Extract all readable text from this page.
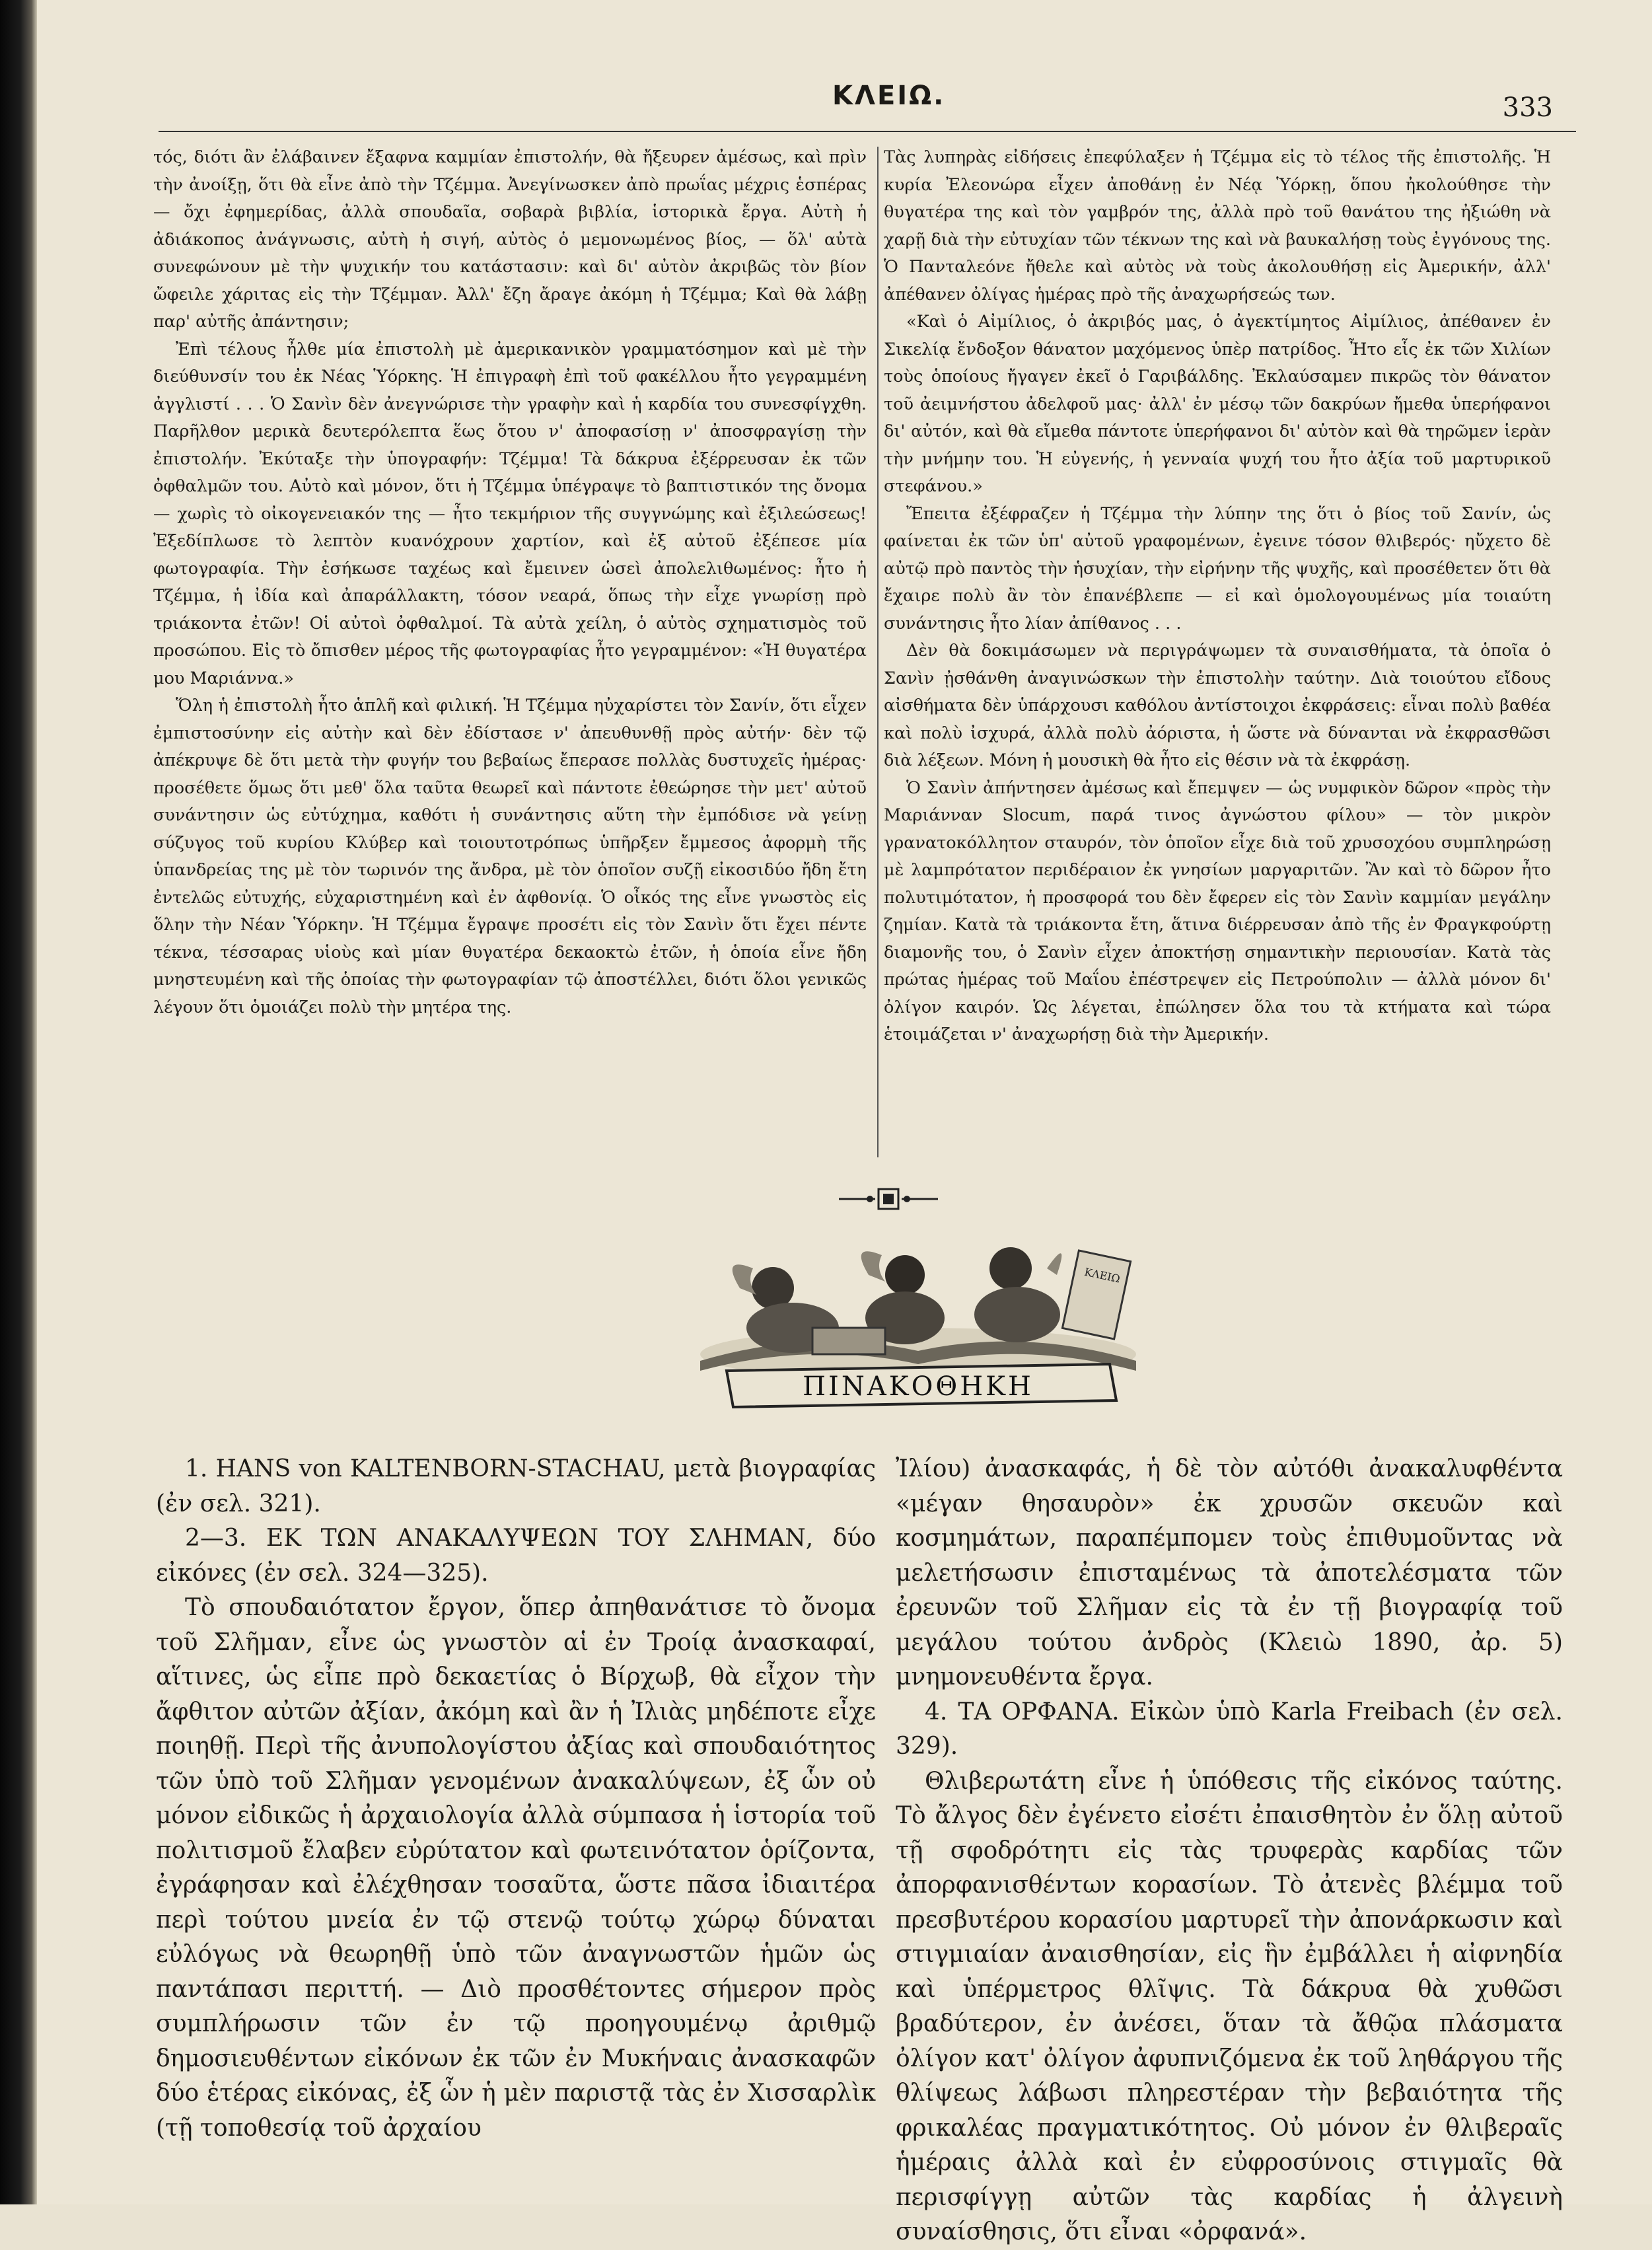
ΚΛΕΙΩ.	333

τός, διότι ἂν ἐλάβαινεν ἔξαφνα καμμίαν ἐπιστολήν, θὰ ἤξευρεν ἀμέσως, καὶ πρὶν τὴν ἀνοίξῃ, ὅτι θὰ εἶνε ἀπὸ τὴν Τζέμμα. Ἀνεγίνωσκεν ἀπὸ πρωΐας μέχρις ἑσπέρας — ὄχι ἐφημερίδας, ἀλλὰ σπουδαῖα, σοβαρὰ βιβλία, ἱστορικὰ ἔργα. Αὐτὴ ἡ ἀδιάκοπος ἀνάγνωσις, αὐτὴ ἡ σιγή, αὐτὸς ὁ μεμονωμένος βίος, — ὅλ' αὐτὰ συνεφώνουν μὲ τὴν ψυχικήν του κατάστασιν: καὶ δι' αὐτὸν ἀκριβῶς τὸν βίον ὤφειλε χάριτας εἰς τὴν Τζέμμαν. Ἀλλ' ἔζη ἄραγε ἀκόμη ἡ Τζέμμα; Καὶ θὰ λάβῃ παρ' αὐτῆς ἀπάντησιν;

Ἐπὶ τέλους ἦλθε μία ἐπιστολὴ μὲ ἀμερικανικὸν γραμματόσημον καὶ μὲ τὴν διεύθυνσίν του ἐκ Νέας Ὑόρκης. Ἡ ἐπιγραφὴ ἐπὶ τοῦ φακέλλου ἦτο γεγραμμένη ἀγγλιστί . . . Ὁ Σανὶν δὲν ἀνεγνώρισε τὴν γραφὴν καὶ ἡ καρδία του συνεσφίγχθη. Παρῆλθον μερικὰ δευτερόλεπτα ἕως ὅτου ν' ἀποφασίσῃ ν' ἀποσφραγίσῃ τὴν ἐπιστολήν. Ἐκύταξε τὴν ὑπογραφήν: Τζέμμα! Τὰ δάκρυα ἐξέρρευσαν ἐκ τῶν ὀφθαλμῶν του. Αὐτὸ καὶ μόνον, ὅτι ἡ Τζέμμα ὑπέγραψε τὸ βαπτιστικόν της ὄνομα — χωρὶς τὸ οἰκογενειακόν της — ἦτο τεκμήριον τῆς συγγνώμης καὶ ἐξιλεώσεως! Ἐξεδίπλωσε τὸ λεπτὸν κυανόχρουν χαρτίον, καὶ ἐξ αὐτοῦ ἐξέπεσε μία φωτογραφία. Τὴν ἐσήκωσε ταχέως καὶ ἔμεινεν ὡσεὶ ἀπολελιθωμένος: ἦτο ἡ Τζέμμα, ἡ ἰδία καὶ ἀπαράλλακτη, τόσον νεαρά, ὅπως τὴν εἶχε γνωρίσῃ πρὸ τριάκοντα ἐτῶν! Οἱ αὐτοὶ ὀφθαλμοί. Τὰ αὐτὰ χείλη, ὁ αὐτὸς σχηματισμὸς τοῦ προσώπου. Εἰς τὸ ὄπισθεν μέρος τῆς φωτογραφίας ἦτο γεγραμμένον: «Ἡ θυγατέρα μου Μαριάννα.»

Ὅλη ἡ ἐπιστολὴ ἦτο ἁπλῆ καὶ φιλική. Ἡ Τζέμμα ηὐχαρίστει τὸν Σανίν, ὅτι εἶχεν ἐμπιστοσύνην εἰς αὐτὴν καὶ δὲν ἐδίστασε ν' ἀπευθυνθῇ πρὸς αὐτήν· δὲν τῷ ἀπέκρυψε δὲ ὅτι μετὰ τὴν φυγήν του βεβαίως ἔπερασε πολλὰς δυστυχεῖς ἡμέρας· προσέθετε ὅμως ὅτι μεθ' ὅλα ταῦτα θεωρεῖ καὶ πάντοτε ἐθεώρησε τὴν μετ' αὐτοῦ συνάντησιν ὡς εὐτύχημα, καθότι ἡ συνάντησις αὕτη τὴν ἐμπόδισε νὰ γείνῃ σύζυγος τοῦ κυρίου Κλύβερ καὶ τοιουτοτρόπως ὑπῆρξεν ἔμμεσος ἀφορμὴ τῆς ὑπανδρείας της μὲ τὸν τωρινόν της ἄνδρα, μὲ τὸν ὁποῖον συζῇ εἰκοσιδύο ἤδη ἔτη ἐντελῶς εὐτυχής, εὐχαριστημένη καὶ ἐν ἀφθονίᾳ. Ὁ οἶκός της εἶνε γνωστὸς εἰς ὅλην τὴν Νέαν Ὑόρκην. Ἡ Τζέμμα ἔγραψε προσέτι εἰς τὸν Σανὶν ὅτι ἔχει πέντε τέκνα, τέσσαρας υἱοὺς καὶ μίαν θυγατέρα δεκαοκτὼ ἐτῶν, ἡ ὁποία εἶνε ἤδη μνηστευμένη καὶ τῆς ὁποίας τὴν φωτογραφίαν τῷ ἀποστέλλει, διότι ὅλοι γενικῶς λέγουν ὅτι ὁμοιάζει πολὺ τὴν μητέρα της.

Τὰς λυπηρὰς εἰδήσεις ἐπεφύλαξεν ἡ Τζέμμα εἰς τὸ τέλος τῆς ἐπιστολῆς. Ἡ κυρία Ἐλεονώρα εἶχεν ἀποθάνῃ ἐν Νέᾳ Ὑόρκῃ, ὅπου ἠκολούθησε τὴν θυγατέρα της καὶ τὸν γαμβρόν της, ἀλλὰ πρὸ τοῦ θανάτου της ἠξιώθη νὰ χαρῇ διὰ τὴν εὐτυχίαν τῶν τέκνων της καὶ νὰ βαυκαλήσῃ τοὺς ἐγγόνους της. Ὁ Πανταλεόνε ἤθελε καὶ αὐτὸς νὰ τοὺς ἀκολουθήσῃ εἰς Ἀμερικήν, ἀλλ' ἀπέθανεν ὀλίγας ἡμέρας πρὸ τῆς ἀναχωρήσεώς των.

«Καὶ ὁ Αἰμίλιος, ὁ ἀκριβός μας, ὁ ἀγεκτίμητος Αἰμίλιος, ἀπέθανεν ἐν Σικελίᾳ ἔνδοξον θάνατον μαχόμενος ὑπὲρ πατρίδος. Ἦτο εἷς ἐκ τῶν Χιλίων τοὺς ὁποίους ἤγαγεν ἐκεῖ ὁ Γαριβάλδης. Ἐκλαύσαμεν πικρῶς τὸν θάνατον τοῦ ἀειμνήστου ἀδελφοῦ μας· ἀλλ' ἐν μέσῳ τῶν δακρύων ἤμεθα ὑπερήφανοι δι' αὐτόν, καὶ θὰ εἴμεθα πάντοτε ὑπερήφανοι δι' αὐτὸν καὶ θὰ τηρῶμεν ἱερὰν τὴν μνήμην του. Ἡ εὐγενής, ἡ γενναία ψυχή του ἦτο ἀξία τοῦ μαρτυρικοῦ στεφάνου.»

Ἔπειτα ἐξέφραζεν ἡ Τζέμμα τὴν λύπην της ὅτι ὁ βίος τοῦ Σανίν, ὡς φαίνεται ἐκ τῶν ὑπ' αὐτοῦ γραφομένων, ἐγεινε τόσον θλιβερός· ηὔχετο δὲ αὐτῷ πρὸ παντὸς τὴν ἡσυχίαν, τὴν εἰρήνην τῆς ψυχῆς, καὶ προσέθετεν ὅτι θὰ ἔχαιρε πολὺ ἂν τὸν ἐπανέβλεπε — εἰ καὶ ὁμολογουμένως μία τοιαύτη συνάντησις ἦτο λίαν ἀπίθανος . . .

Δὲν θὰ δοκιμάσωμεν νὰ περιγράψωμεν τὰ συναισθήματα, τὰ ὁποῖα ὁ Σανὶν ᾐσθάνθη ἀναγινώσκων τὴν ἐπιστολὴν ταύτην. Διὰ τοιούτου εἴδους αἰσθήματα δὲν ὑπάρχουσι καθόλου ἀντίστοιχοι ἐκφράσεις: εἶναι πολὺ βαθέα καὶ πολὺ ἰσχυρά, ἀλλὰ πολὺ ἀόριστα, ἡ ὥστε νὰ δύνανται νὰ ἐκφρασθῶσι διὰ λέξεων. Μόνη ἡ μουσικὴ θὰ ἦτο εἰς θέσιν νὰ τὰ ἐκφράσῃ.

Ὁ Σανὶν ἀπήντησεν ἀμέσως καὶ ἔπεμψεν — ὡς νυμφικὸν δῶρον «πρὸς τὴν Μαριάνναν Slocum, παρά τινος ἀγνώστου φίλου» — τὸν μικρὸν γρανατοκόλλητον σταυρόν, τὸν ὁποῖον εἶχε διὰ τοῦ χρυσοχόου συμπληρώσῃ μὲ λαμπρότατον περιδέραιον ἐκ γνησίων μαργαριτῶν. Ἂν καὶ τὸ δῶρον ἦτο πολυτιμότατον, ἡ προσφορά του δὲν ἔφερεν εἰς τὸν Σανὶν καμμίαν μεγάλην ζημίαν. Κατὰ τὰ τριάκοντα ἔτη, ἅτινα διέρρευσαν ἀπὸ τῆς ἐν Φραγκφούρτῃ διαμονῆς του, ὁ Σανὶν εἶχεν ἀποκτήσῃ σημαντικὴν περιουσίαν. Κατὰ τὰς πρώτας ἡμέρας τοῦ Μαΐου ἐπέστρεψεν εἰς Πετρούπολιν — ἀλλὰ μόνον δι' ὀλίγον καιρόν. Ὡς λέγεται, ἐπώλησεν ὅλα του τὰ κτήματα καὶ τώρα ἑτοιμάζεται ν' ἀναχωρήσῃ διὰ τὴν Ἀμερικήν.

ΚΛΕΙΩ
ΠΙΝΑΚΟΘΗΚΗ

1. HANS von KALTENBORN-STACHAU, μετὰ βιογραφίας (ἐν σελ. 321).

2—3. ΕΚ ΤΩΝ ΑΝΑΚΑΛΥΨΕΩΝ ΤΟΥ ΣΛΗΜΑΝ, δύο εἰκόνες (ἐν σελ. 324—325).

Τὸ σπουδαιότατον ἔργον, ὅπερ ἀπηθανάτισε τὸ ὄνομα τοῦ Σλῆμαν, εἶνε ὡς γνωστὸν αἱ ἐν Τροίᾳ ἀνασκαφαί, αἵτινες, ὡς εἶπε πρὸ δεκαετίας ὁ Βίρχωβ, θὰ εἶχον τὴν ἄφθιτον αὐτῶν ἀξίαν, ἀκόμη καὶ ἂν ἡ Ἰλιὰς μηδέποτε εἶχε ποιηθῇ. Περὶ τῆς ἀνυπολογίστου ἀξίας καὶ σπουδαιότητος τῶν ὑπὸ τοῦ Σλῆμαν γενομένων ἀνακαλύψεων, ἐξ ὧν οὐ μόνον εἰδικῶς ἡ ἀρχαιολογία ἀλλὰ σύμπασα ἡ ἱστορία τοῦ πολιτισμοῦ ἔλαβεν εὐρύτατον καὶ φωτεινότατον ὁρίζοντα, ἐγράφησαν καὶ ἐλέχθησαν τοσαῦτα, ὥστε πᾶσα ἰδιαιτέρα περὶ τούτου μνεία ἐν τῷ στενῷ τούτῳ χώρῳ δύναται εὐλόγως νὰ θεωρηθῇ ὑπὸ τῶν ἀναγνωστῶν ἡμῶν ὡς παντάπασι περιττή. — Διὸ προσθέτοντες σήμερον πρὸς συμπλήρωσιν τῶν ἐν τῷ προηγουμένῳ ἀριθμῷ δημοσιευθέντων εἰκόνων ἐκ τῶν ἐν Μυκήναις ἀνασκαφῶν δύο ἑτέρας εἰκόνας, ἐξ ὧν ἡ μὲν παριστᾷ τὰς ἐν Χισσαρλὶκ (τῇ τοποθεσίᾳ τοῦ ἀρχαίου

Ἰλίου) ἀνασκαφάς, ἡ δὲ τὸν αὐτόθι ἀνακαλυφθέντα «μέγαν θησαυρὸν» ἐκ χρυσῶν σκευῶν καὶ κοσμημάτων, παραπέμπομεν τοὺς ἐπιθυμοῦντας νὰ μελετήσωσιν ἐπισταμένως τὰ ἀποτελέσματα τῶν ἐρευνῶν τοῦ Σλῆμαν εἰς τὰ ἐν τῇ βιογραφίᾳ τοῦ μεγάλου τούτου ἀνδρὸς (Κλειὼ 1890, ἀρ. 5) μνημονευθέντα ἔργα.

4. ΤΑ ΟΡΦΑΝΑ. Εἰκὼν ὑπὸ Karla Freibach (ἐν σελ. 329).

Θλιβερωτάτη εἶνε ἡ ὑπόθεσις τῆς εἰκόνος ταύτης. Τὸ ἄλγος δὲν ἐγένετο εἰσέτι ἐπαισθητὸν ἐν ὅλῃ αὐτοῦ τῇ σφοδρότητι εἰς τὰς τρυφερὰς καρδίας τῶν ἀπορφανισθέντων κορασίων. Τὸ ἀτενὲς βλέμμα τοῦ πρεσβυτέρου κορασίου μαρτυρεῖ τὴν ἀπονάρκωσιν καὶ στιγμιαίαν ἀναισθησίαν, εἰς ἣν ἐμβάλλει ἡ αἰφνηδία καὶ ὑπέρμετρος θλῖψις. Τὰ δάκρυα θὰ χυθῶσι βραδύτερον, ἐν ἀνέσει, ὅταν τὰ ἄθῷα πλάσματα ὀλίγον κατ' ὀλίγον ἀφυπνιζόμενα ἐκ τοῦ ληθάργου τῆς θλίψεως λάβωσι πληρεστέραν τὴν βεβαιότητα τῆς φρικαλέας πραγματικότητος. Οὐ μόνον ἐν θλιβεραῖς ἡμέραις ἀλλὰ καὶ ἐν εὐφροσύνοις στιγμαῖς θὰ περισφίγγῃ αὐτῶν τὰς καρδίας ἡ ἀλγεινὴ συναίσθησις, ὅτι εἶναι «ὀρφανά».
